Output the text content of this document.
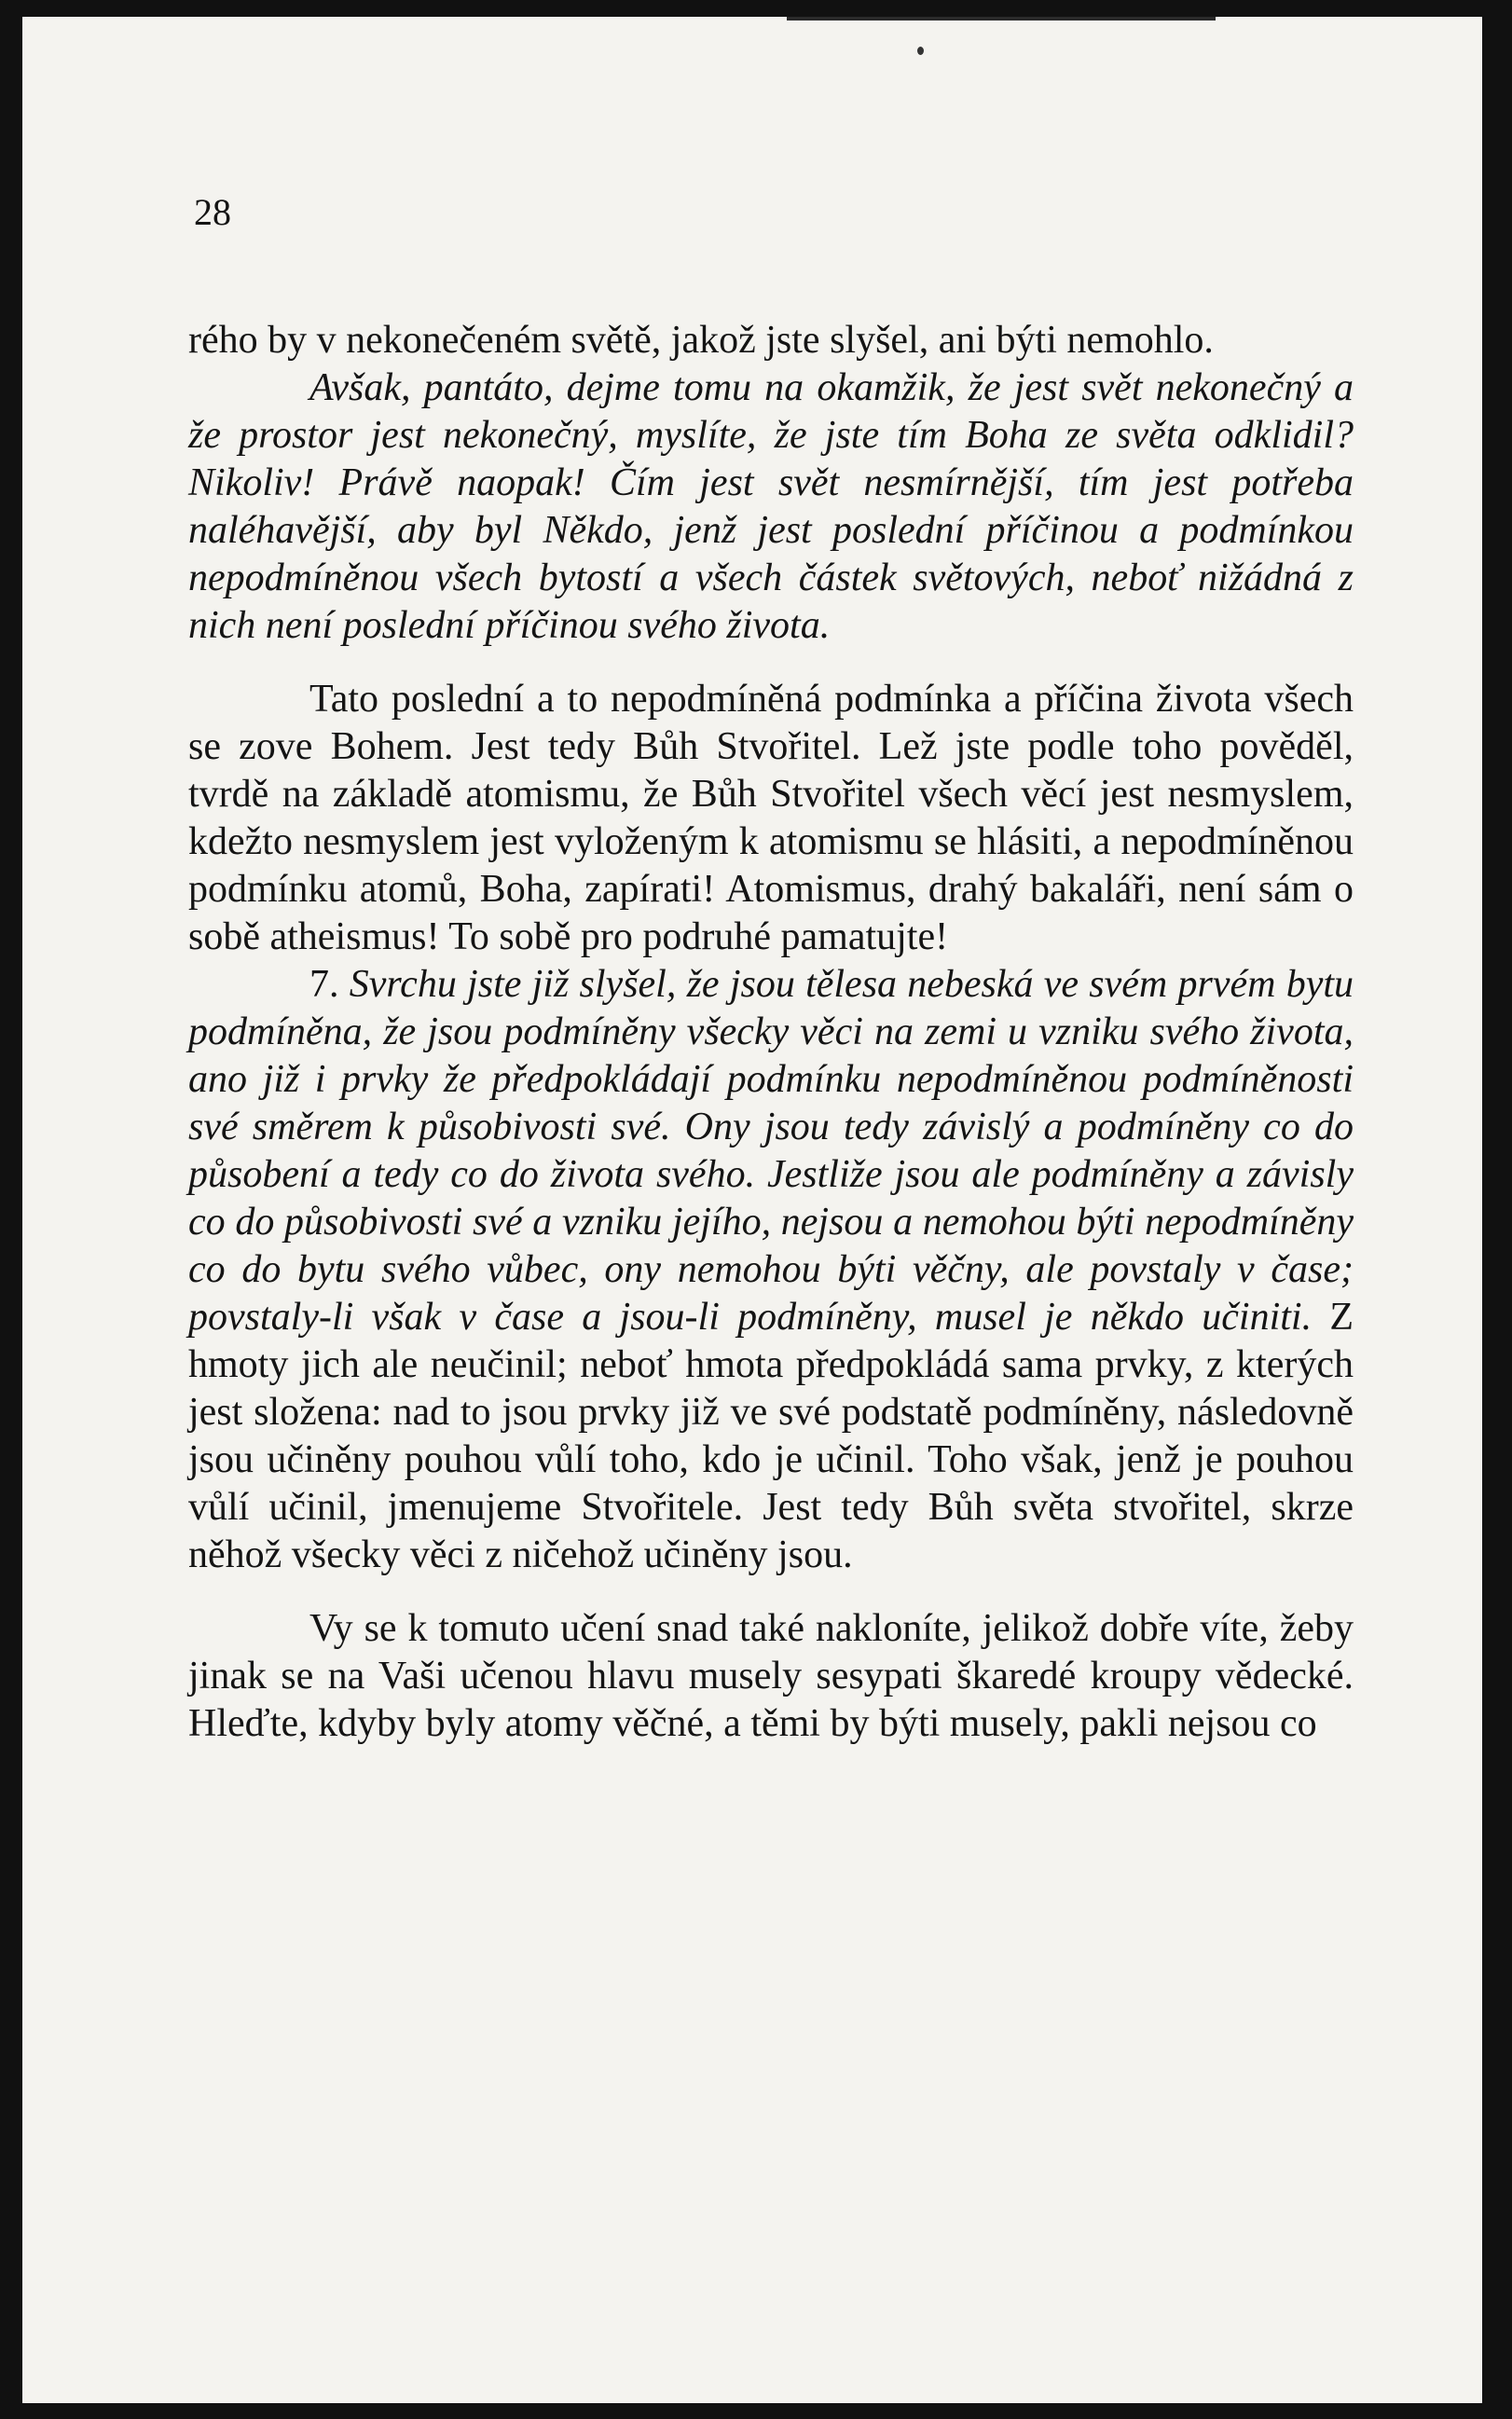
28

rého by v nekonečeném světě, jakož jste slyšel, ani býti nemohlo.

Avšak, pantáto, dejme tomu na okamžik, že jest svět nekonečný a že prostor jest nekonečný, myslíte, že jste tím Boha ze světa odklidil? Nikoliv! Právě naopak! Čím jest svět nesmírnější, tím jest potřeba naléhavější, aby byl Někdo, jenž jest poslední příčinou a podmínkou nepodmíněnou všech bytostí a všech částek světových, neboť nižádná z nich není poslední příčinou svého života.

Tato poslední a to nepodmíněná podmínka a příčina života všech se zove Bohem. Jest tedy Bůh Stvořitel. Lež jste podle toho pověděl, tvrdě na základě atomismu, že Bůh Stvořitel všech věcí jest nesmyslem, kdežto nesmyslem jest vyloženým k atomismu se hlásiti, a nepodmíněnou podmínku atomů, Boha, zapírati! Atomismus, drahý bakaláři, není sám o sobě atheismus! To sobě pro podruhé pamatujte!

7. Svrchu jste již slyšel, že jsou tělesa nebeská ve svém prvém bytu podmíněna, že jsou podmíněny všecky věci na zemi u vzniku svého života, ano již i prvky že předpokládají podmínku nepodmíněnou podmíněnosti své směrem k působivosti své. Ony jsou tedy závislý a podmíněny co do působení a tedy co do života svého. Jestliže jsou ale podmíněny a závisly co do působivosti své a vzniku jejího, nejsou a nemohou býti nepodmíněny co do bytu svého vůbec, ony nemohou býti věčny, ale povstaly v čase; povstaly-li však v čase a jsou-li podmíněny, musel je někdo učiniti. Z hmoty jich ale neučinil; neboť hmota předpokládá sama prvky, z kterých jest složena: nad to jsou prvky již ve své podstatě podmíněny, následovně jsou učiněny pouhou vůlí toho, kdo je učinil. Toho však, jenž je pouhou vůlí učinil, jmenujeme Stvořitele. Jest tedy Bůh světa stvořitel, skrze něhož všecky věci z ničehož učiněny jsou.

Vy se k tomuto učení snad také nakloníte, jelikož dobře víte, žeby jinak se na Vaši učenou hlavu musely sesypati škaredé kroupy vědecké. Hleďte, kdyby byly atomy věčné, a těmi by býti musely, pakli nejsou co
